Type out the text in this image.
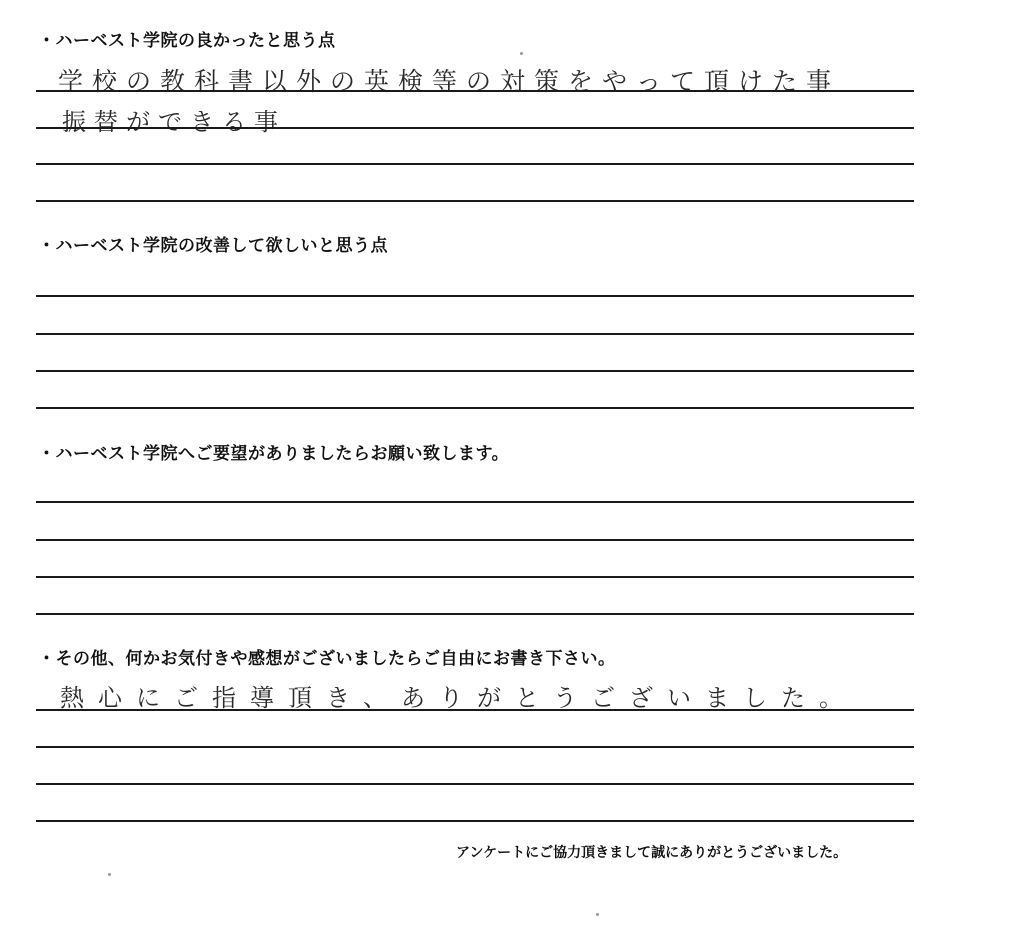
・ハーベスト学院の良かったと思う点
学校の教科書以外の英検等の対策をやって頂けた事
振替ができる事
・ハーベスト学院の改善して欲しいと思う点
・ハーベスト学院へご要望がありましたらお願い致します。
・その他、何かお気付きや感想がございましたらご自由にお書き下さい。
熱心にご指導頂き、ありがとうございました。
アンケートにご協力頂きまして誠にありがとうございました。
